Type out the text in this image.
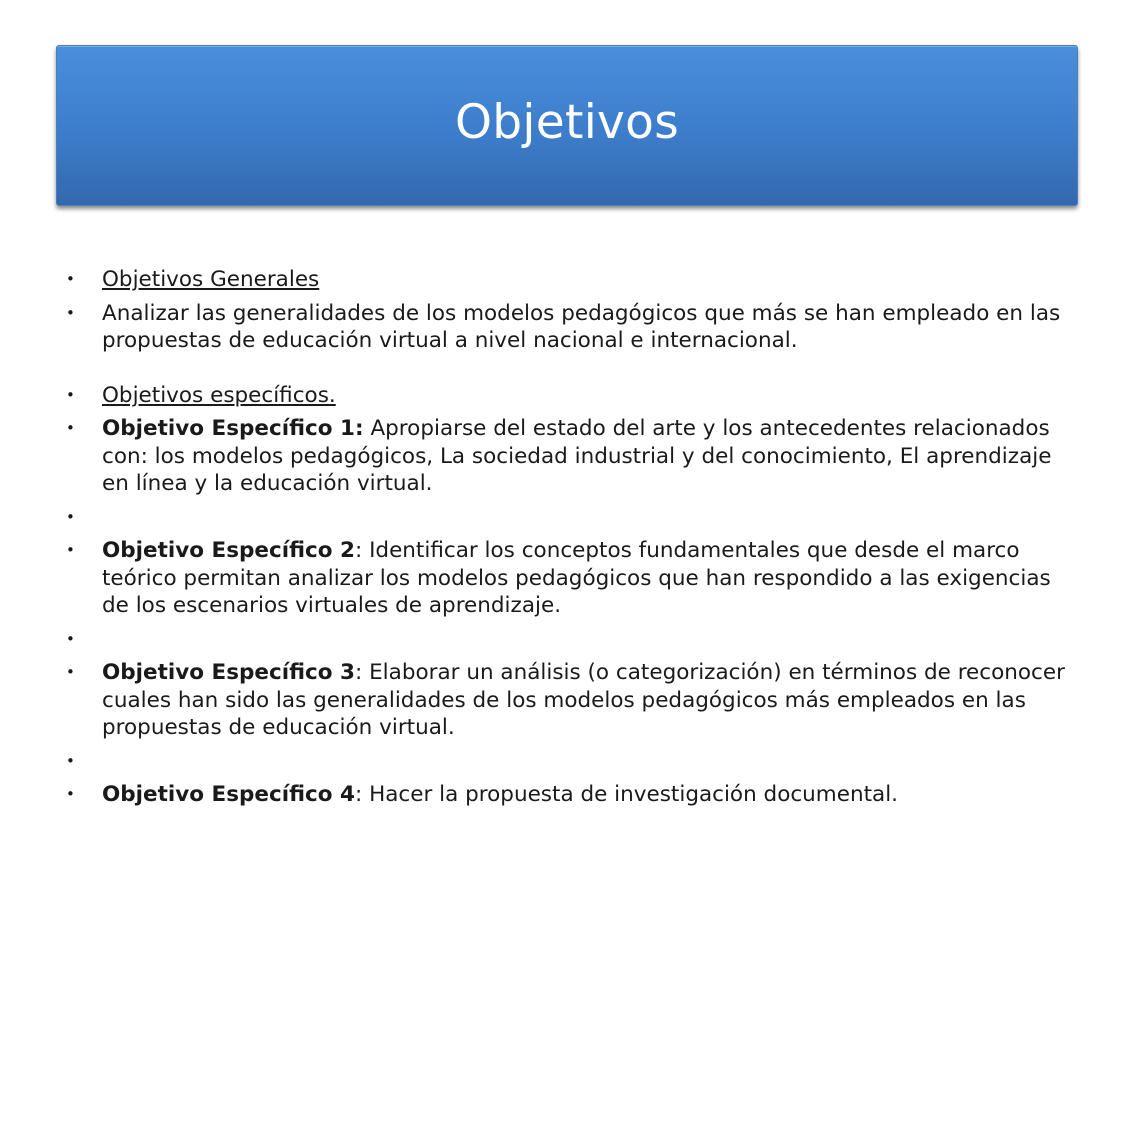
Objetivos
• Objetivos Generales
• Analizar las generalidades de los modelos pedagógicos que más se han empleado en las propuestas de educación virtual a nivel nacional e internacional.
• Objetivos específicos.
• Objetivo Específico 1: Apropiarse del estado del arte y los antecedentes relacionados con: los modelos pedagógicos, La sociedad industrial y del conocimiento, El aprendizaje en línea y la educación virtual.
•
• Objetivo Específico 2: Identificar los conceptos fundamentales que desde el marco teórico permitan analizar los modelos pedagógicos que han respondido a las exigencias de los escenarios virtuales de aprendizaje.
•
• Objetivo Específico 3: Elaborar un análisis (o categorización) en términos de reconocer cuales han sido las generalidades de los modelos pedagógicos más empleados en las propuestas de educación virtual.
•
• Objetivo Específico 4: Hacer la propuesta de investigación documental.
